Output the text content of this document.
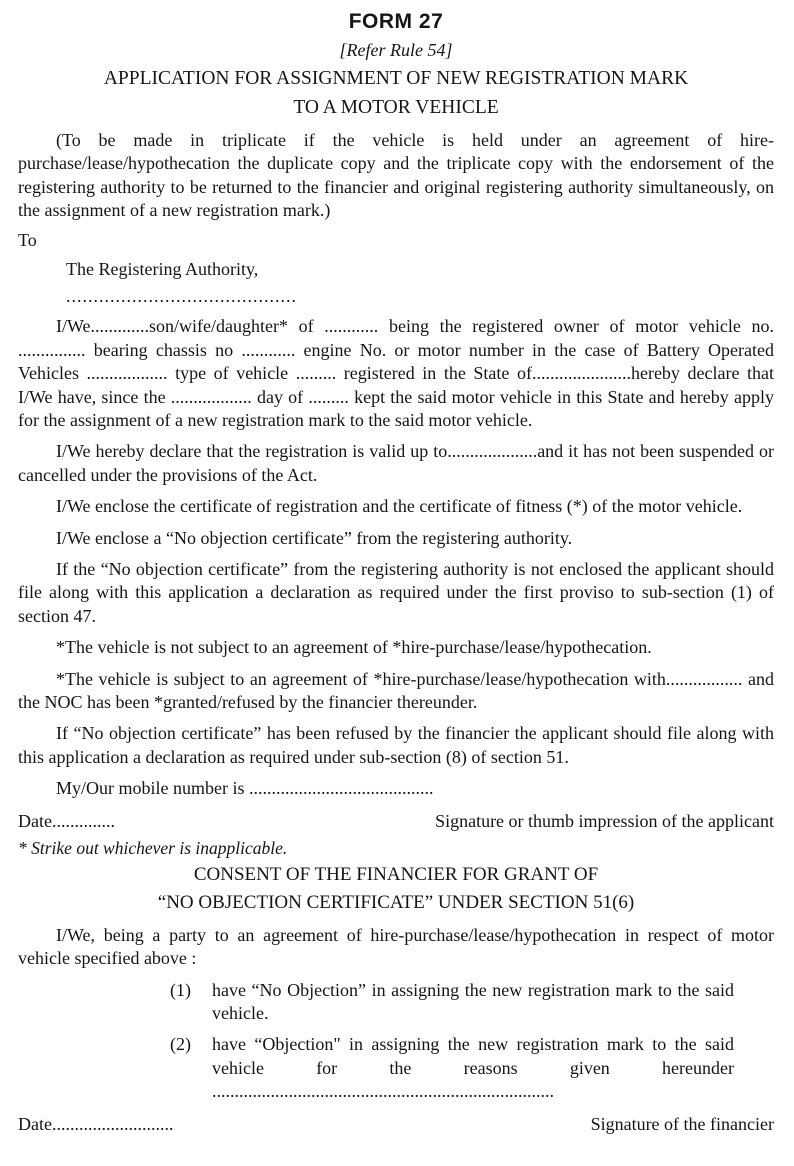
FORM 27
[Refer Rule 54]
APPLICATION FOR ASSIGNMENT OF NEW REGISTRATION MARK
TO A MOTOR VEHICLE

(To be made in triplicate if the vehicle is held under an agreement of hire-purchase/lease/hypothecation the duplicate copy and the triplicate copy with the endorsement of the registering authority to be returned to the financier and original registering authority simultaneously, on the assignment of a new registration mark.)

To
The Registering Authority,
..........................................

I/We.............son/wife/daughter* of ............ being the registered owner of motor vehicle no. ............... bearing chassis no ............ engine No. or motor number in the case of Battery Operated Vehicles .................. type of vehicle ......... registered in the State of......................hereby declare that I/We have, since the .................. day of ......... kept the said motor vehicle in this State and hereby apply for the assignment of a new registration mark to the said motor vehicle.

I/We hereby declare that the registration is valid up to....................and it has not been suspended or cancelled under the provisions of the Act.

I/We enclose the certificate of registration and the certificate of fitness (*) of the motor vehicle.

I/We enclose a “No objection certificate” from the registering authority.

If the “No objection certificate” from the registering authority is not enclosed the applicant should file along with this application a declaration as required under the first proviso to sub-section (1) of section 47.

*The vehicle is not subject to an agreement of *hire-purchase/lease/hypothecation.

*The vehicle is subject to an agreement of *hire-purchase/lease/hypothecation with................. and the NOC has been *granted/refused by the financier thereunder.

If “No objection certificate” has been refused by the financier the applicant should file along with this application a declaration as required under sub-section (8) of section 51.

My/Our mobile number is .........................................

Date..............	Signature or thumb impression of the applicant
* Strike out whichever is inapplicable.
CONSENT OF THE FINANCIER FOR GRANT OF
“NO OBJECTION CERTIFICATE” UNDER SECTION 51(6)

I/We, being a party to an agreement of hire-purchase/lease/hypothecation in respect of motor vehicle specified above :

(1)	have “No Objection” in assigning the new registration mark to the said vehicle.
(2)	have “Objection" in assigning the new registration mark to the said vehicle for the reasons given hereunder ............................................................................
Date...........................	Signature of the financier
